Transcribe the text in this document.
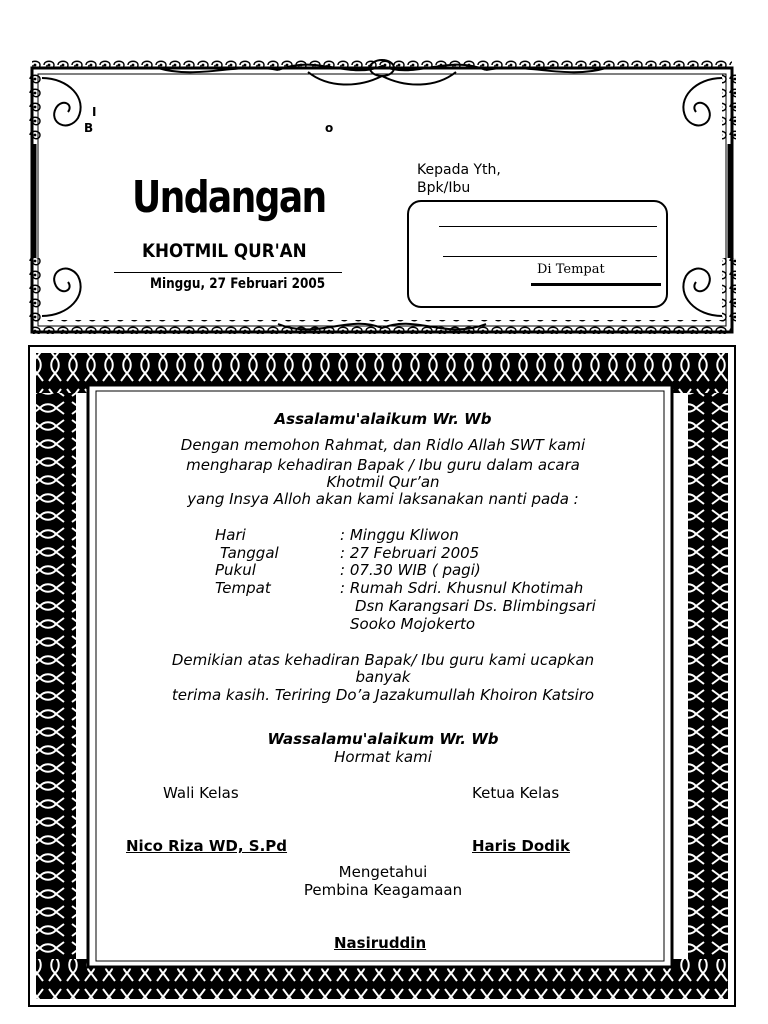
I
B	o
Undangan
KHOTMIL QUR'AN
Minggu, 27 Februari 2005
Kepada Yth,
Bpk/Ibu
Di Tempat
Assalamu'alaikum Wr. Wb
Dengan memohon Rahmat, dan Ridlo Allah SWT kami
mengharap kehadiran Bapak / Ibu guru dalam acara
Khotmil Qur’an
yang Insya Alloh akan kami laksanakan nanti pada :
Hari	: Minggu Kliwon
Tanggal	: 27 Februari 2005
Pukul	: 07.30 WIB ( pagi)
Tempat	: Rumah Sdri. Khusnul Khotimah
Dsn Karangsari Ds. Blimbingsari
Sooko Mojokerto
Demikian atas kehadiran Bapak/ Ibu guru kami ucapkan
banyak
terima kasih. Teriring Do’a Jazakumullah Khoiron Katsiro
Wassalamu'alaikum Wr. Wb
Hormat kami
Wali Kelas	Ketua Kelas
Nico Riza WD, S.Pd	Haris Dodik
Mengetahui
Pembina Keagamaan
Nasiruddin
